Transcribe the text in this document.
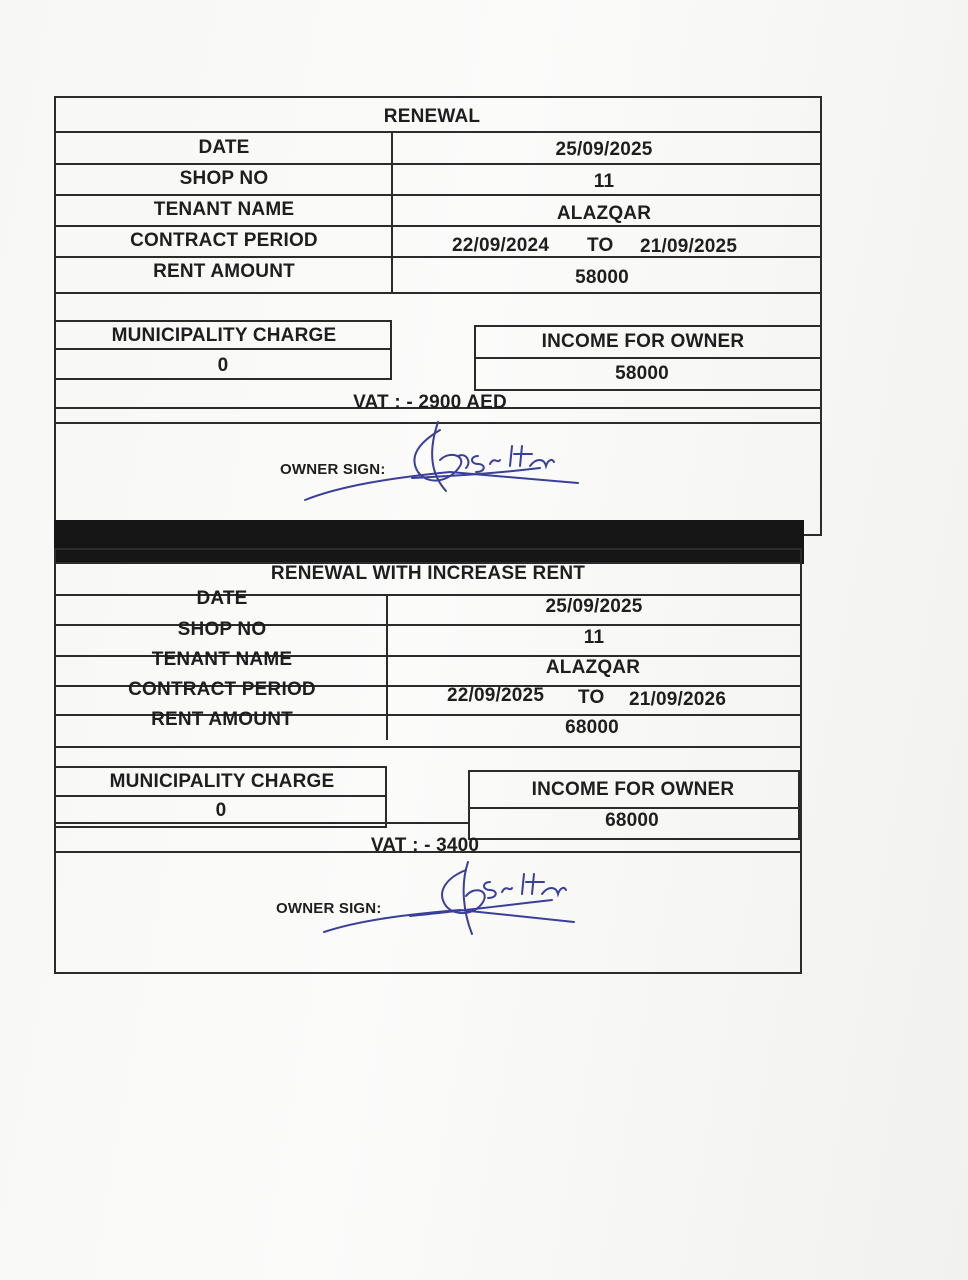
RENEWAL
DATE	25/09/2025
SHOP NO	11
TENANT NAME	ALAZQAR
CONTRACT PERIOD	22/09/2024 TO 21/09/2025
RENT AMOUNT	58000
MUNICIPALITY CHARGE
0
INCOME FOR OWNER
58000
VAT : - 2900 AED
OWNER SIGN:
RENEWAL WITH INCREASE RENT
DATE	25/09/2025
SHOP NO	11
TENANT NAME	ALAZQAR
CONTRACT PERIOD	22/09/2025 TO 21/09/2026
RENT AMOUNT	68000
MUNICIPALITY CHARGE
0
INCOME FOR OWNER
68000
VAT : - 3400
OWNER SIGN:
